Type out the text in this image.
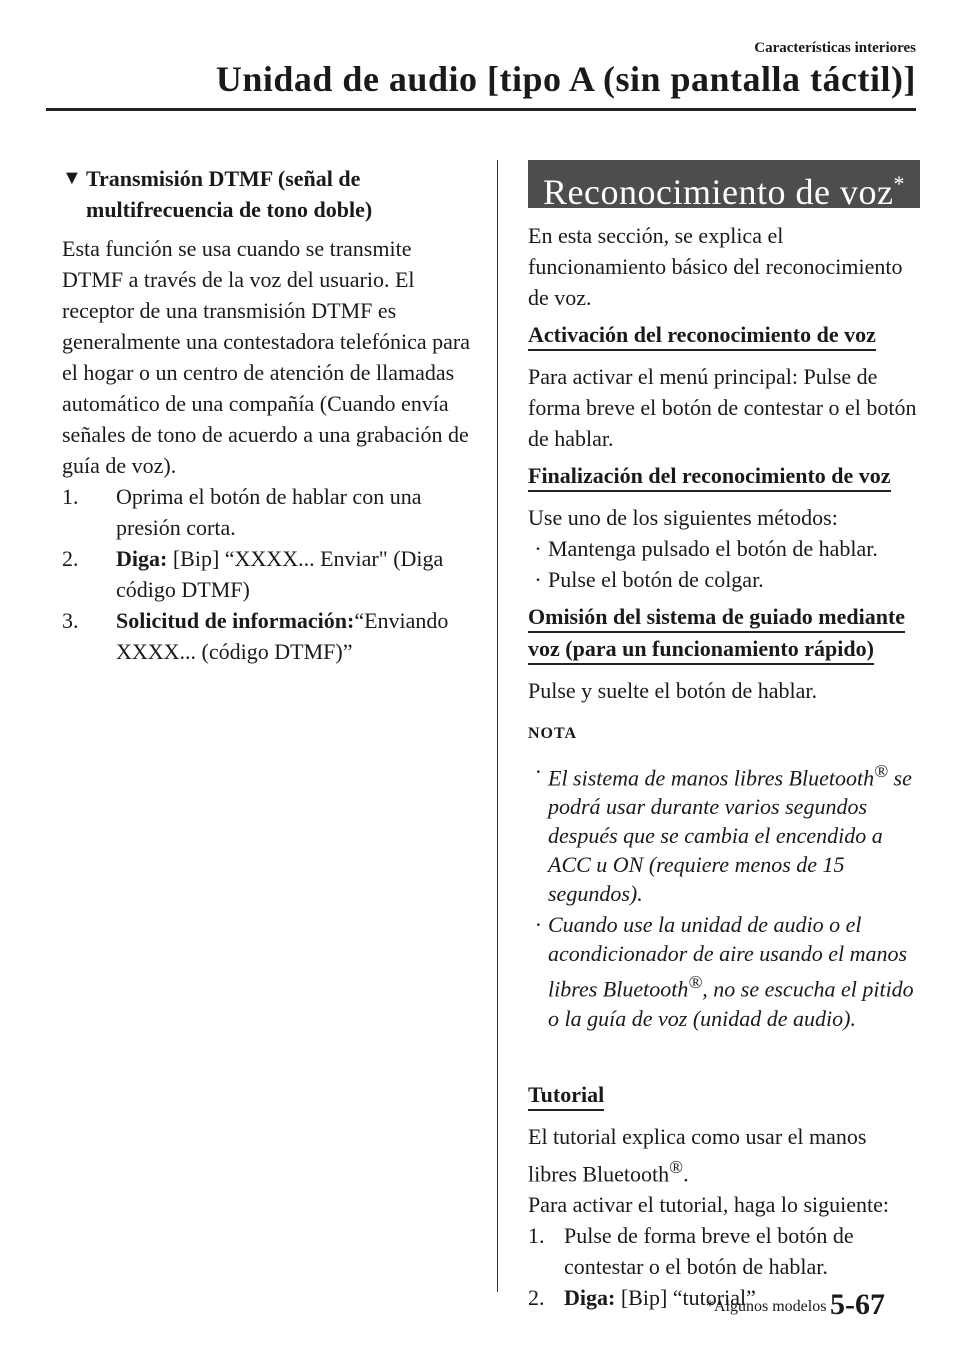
Características interiores
Unidad de audio [tipo A (sin pantalla táctil)]
▼ Transmisión DTMF (señal de multifrecuencia de tono doble)

Esta función se usa cuando se transmite DTMF a través de la voz del usuario. El receptor de una transmisión DTMF es generalmente una contestadora telefónica para el hogar o un centro de atención de llamadas automático de una compañía (Cuando envía señales de tono de acuerdo a una grabación de guía de voz).

1.	Oprima el botón de hablar con una presión corta.
2.	Diga: [Bip] “XXXX... Enviar" (Diga código DTMF)
3.	Solicitud de información:“Enviando XXXX... (código DTMF)”
Reconocimiento de voz*

En esta sección, se explica el funcionamiento básico del reconocimiento de voz.

Activación del reconocimiento de voz

Para activar el menú principal: Pulse de forma breve el botón de contestar o el botón de hablar.

Finalización del reconocimiento de voz

Use uno de los siguientes métodos:

· Mantenga pulsado el botón de hablar.
· Pulse el botón de colgar.
Omisión del sistema de guiado mediante
voz (para un funcionamiento rápido)

Pulse y suelte el botón de hablar.

NOTA
· El sistema de manos libres Bluetooth® se podrá usar durante varios segundos después que se cambia el encendido a ACC u ON (requiere menos de 15 segundos).
· Cuando use la unidad de audio o el acondicionador de aire usando el manos libres Bluetooth®, no se escucha el pitido o la guía de voz (unidad de audio).
Tutorial

El tutorial explica como usar el manos libres Bluetooth®.

Para activar el tutorial, haga lo siguiente:

1. Pulse de forma breve el botón de contestar o el botón de hablar.
2. Diga: [Bip] “tutorial”
*Algunos modelos 5-67
